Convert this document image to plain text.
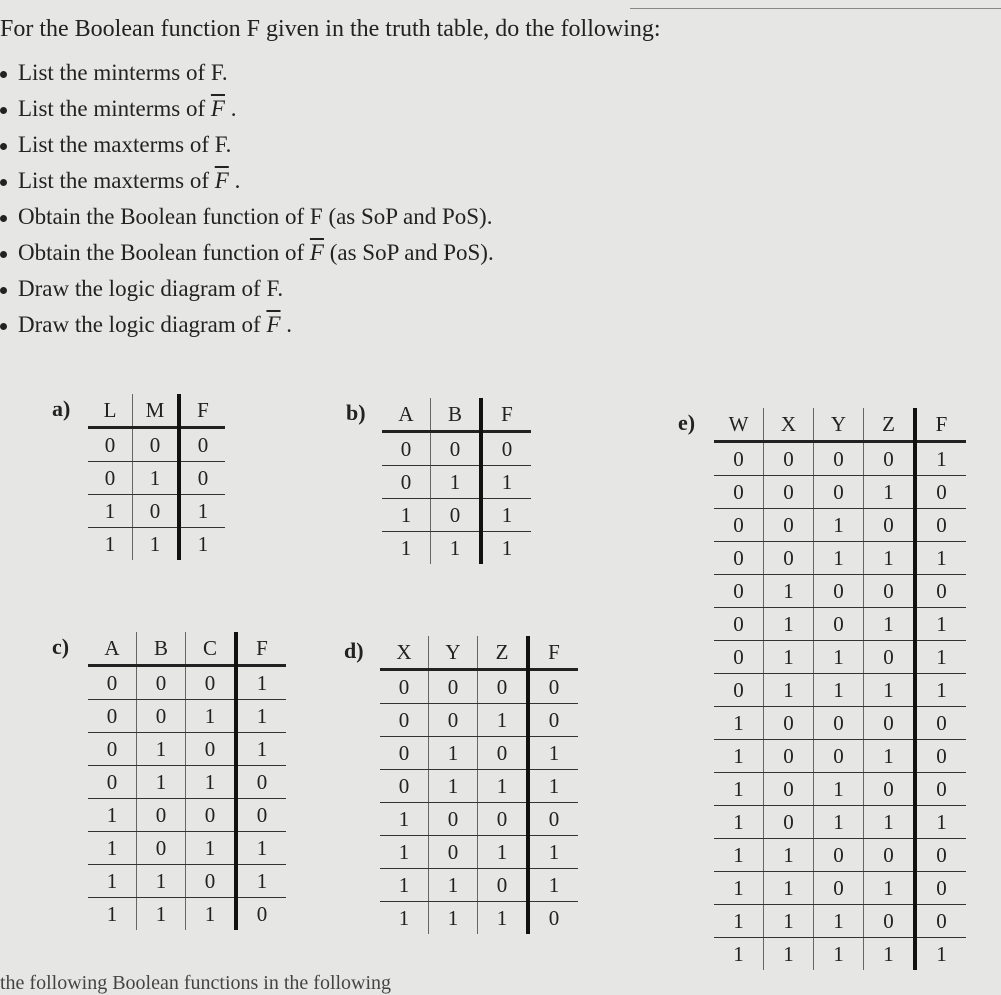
For the Boolean function F given in the truth table, do the following:
List the minterms of F.
List the minterms of $\overline{F}$ .
List the maxterms of F.
List the maxterms of $\overline{F}$ .
Obtain the Boolean function of F (as SoP and PoS).
Obtain the Boolean function of $\overline{F}$ (as SoP and PoS).
Draw the logic diagram of F.
Draw the logic diagram of $\overline{F}$ .
a) L	M	F
0	0	0
0	1	0
1	0	1
1	1	1
b) A	B	F
0	0	0
0	1	1
1	0	1
1	1	1
c) A	B	C	F
0	0	0	1
0	0	1	1
0	1	0	1
0	1	1	0
1	0	0	0
1	0	1	1
1	1	0	1
1	1	1	0
d) X	Y	Z	F
0	0	0	0
0	0	1	0
0	1	0	1
0	1	1	1
1	0	0	0
1	0	1	1
1	1	0	1
1	1	1	0
e) W	X	Y	Z	F
0	0	0	0	1
0	0	0	1	0
0	0	1	0	0
0	0	1	1	1
0	1	0	0	0
0	1	0	1	1
0	1	1	0	1
0	1	1	1	1
1	0	0	0	0
1	0	0	1	0
1	0	1	0	0
1	0	1	1	1
1	1	0	0	0
1	1	0	1	0
1	1	1	0	0
1	1	1	1	1
the following Boolean functions in the following
